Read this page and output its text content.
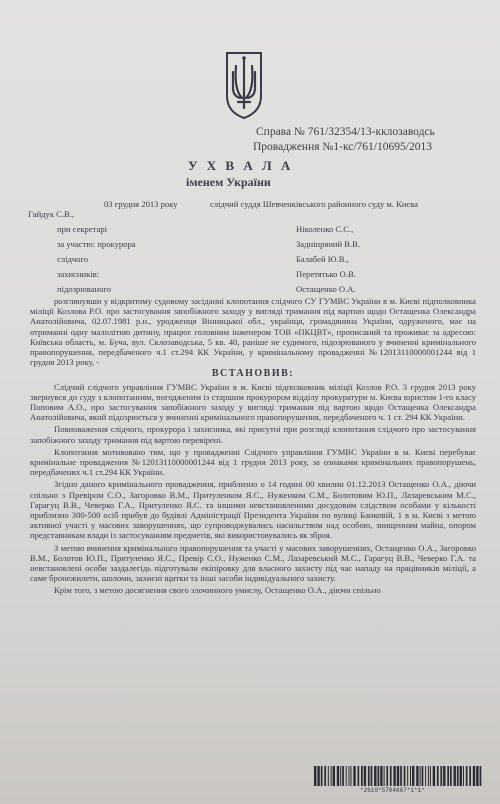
Справа № 761/32354/13-кклозаводсь
Провадження №1-кс/761/10695/2013
У Х В А Л А
іменем України
03 грудня 2013 року	слідчий суддя Шевченківського районного суду м. Києва
Гайдук С.В.,
при секретарі	Ніколенко С.С.,
за участю: прокурора	Задніпряний В.В.
слідчого	Балабей Ю.В.,
захисників:	Перетятько О.В.
підозрюваного	Остащенко О.А.

розглянувши у відкритому судовому засіданні клопотання слідчого СУ ГУМВС України в м. Києві підполковника міліції Козлова Р.О. про застосування запобіжного заходу у вигляді тримання під вартою щодо Остащенка Олександра Анатолійовича, 02.07.1981 р.н., уродженця Вінницької обл., українця, громадянина України, одруженого, має на отриманні одну малолітню дитину, працює головним інженером ТОВ «ПКЦВТ», прописаний та проживає за адресою: Київська область, м. Буча, вул. Склозаводська, 5 кв. 40, раніше не судимого, підозрюваного у вчиненні кримінального правопорушення, передбаченого ч.1 ст.294 КК України, у кримінальному провадженні №12013110000001244 від 1 грудня 2013 року, -

ВСТАНОВИВ:

Слідчий слідчого управління ГУМВС України в м. Києві підполковник міліції Козлов Р.О. 3 грудня 2013 року звернувся до суду з клопотанням, погодженим із старшим прокурором відділу прокуратури м. Києва юристом 1-го класу Поповим А.О., про застосування запобіжного заходу у вигляді тримання під вартою щодо Остащенка Олександра Анатолійовича, який підозрюється у вчиненні кримінального правопорушення, передбаченого ч. 1 ст. 294 КК України.

Повноваження слідчого, прокурора і захисника, які присутні при розгляді клопотання слідчого про застосування запобіжного заходу тримання під вартою перевірені.

Клопотання мотивовано тим, що у провадженні Слідчого управління ГУМВС України в м. Києві перебуває кримінальне провадження №12013110000001244 від 1 грудня 2013 року, за ознаками кримінальних правопорушень, передбачених ч.1 ст.294 КК України.

Згідно даного кримінального провадження, приблизно о 14 годині 00 хвилин 01.12.2013 Остащенко О.А., діючи спільно з Превіром С.О., Загоровко В.М., Притуленком Я.С., Нуженком С.М., Болотовим Ю.П., Лазаревським М.С., Гарагуц В.В., Чеверко Г.А., Притуленко Я.С. та іншими невстановленими досудовим слідством особами у кількості приблизно 300-500 осіб прибув до будівлі Адміністрації Президента України по вулиці Банковій, 1 в м. Києві з метою активної участі у масових заворушеннях, що супроводжувались насильством над особою, знищенням майна, опором представникам влади із застосуванням предметів, які використовувались як зброя.

З метою вчинення кримінального правопорушення та участі у масових заворушеннях, Остащенко О.А., Загоровко В.М., Болотов Ю.П., Притуленко Я.С., Превір С.О., Нуженко С.М., Лазаревський М.С., Гарагуц В.В., Чеверко Г.А. та невстановлені особи заздалегідь підготували екіпіровку для власного захисту під час нападу на працівників міліції, а саме бронежилети, шоломи, захисні щитки та інші засоби індивідуального захисту.

Крім того, з метою досягнення свого злочинного умислу, Остащенко О.А., діючи спільно

*2610*5704667*1*1*
